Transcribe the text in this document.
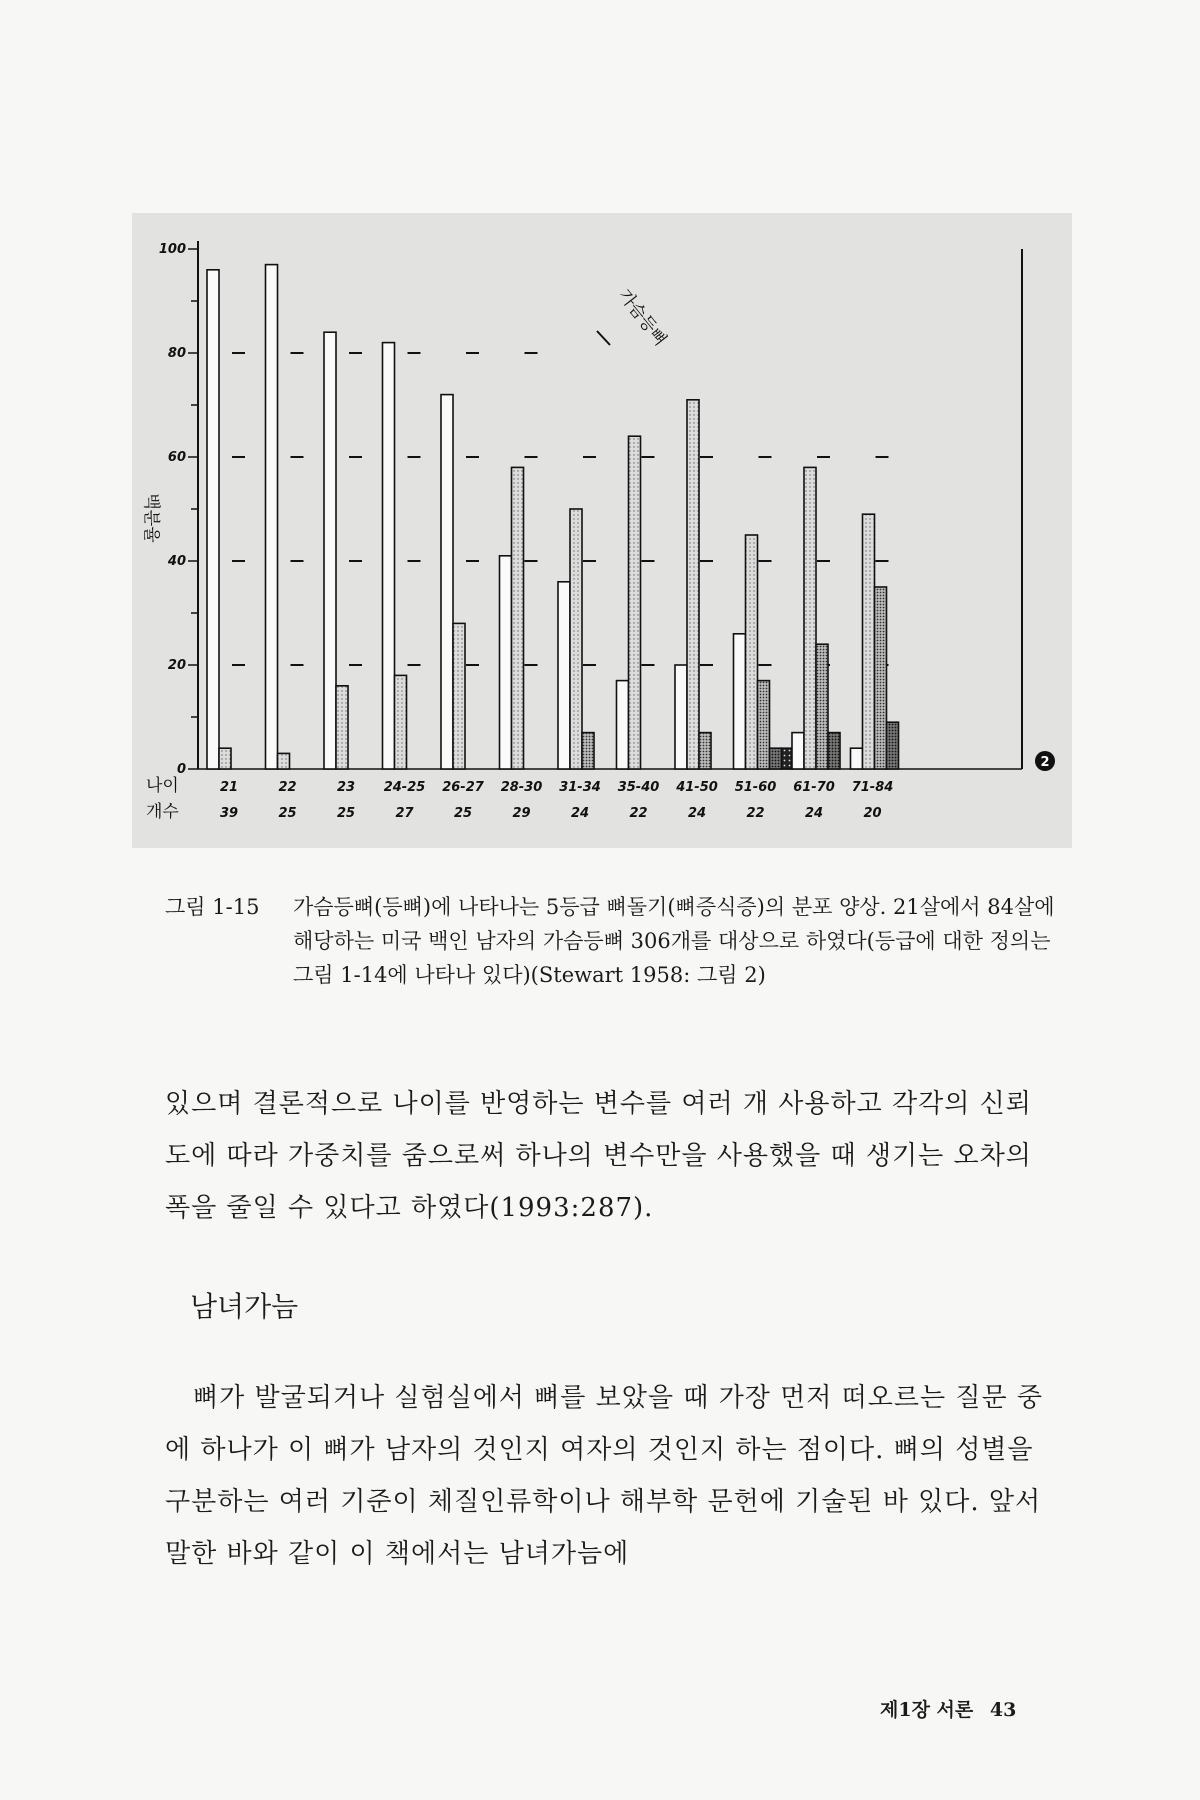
0
20
40
60
80
100
21
39
22
25
23
25
24-25
27
26-27
25
28-30
29
31-34
24
35-40
22
41-50
24
51-60
22
61-70
24
71-84
20
백분율
나이
개수
가슴등뼈
2
그림 1-15	가슴등뼈(등뼈)에 나타나는 5등급 뼈돌기(뼈증식증)의 분포 양상. 21살에서 84살에 해당하는 미국 백인 남자의 가슴등뼈 306개를 대상으로 하였다(등급에 대한 정의는 그림 1-14에 나타나 있다)(Stewart 1958: 그림 2)
있으며 결론적으로 나이를 반영하는 변수를 여러 개 사용하고 각각의 신뢰도에 따라 가중치를 줌으로써 하나의 변수만을 사용했을 때 생기는 오차의 폭을 줄일 수 있다고 하였다(1993:287).
남녀가늠
뼈가 발굴되거나 실험실에서 뼈를 보았을 때 가장 먼저 떠오르는 질문 중에 하나가 이 뼈가 남자의 것인지 여자의 것인지 하는 점이다. 뼈의 성별을 구분하는 여러 기준이 체질인류학이나 해부학 문헌에 기술된 바 있다. 앞서 말한 바와 같이 이 책에서는 남녀가늠에
제1장 서론 43
